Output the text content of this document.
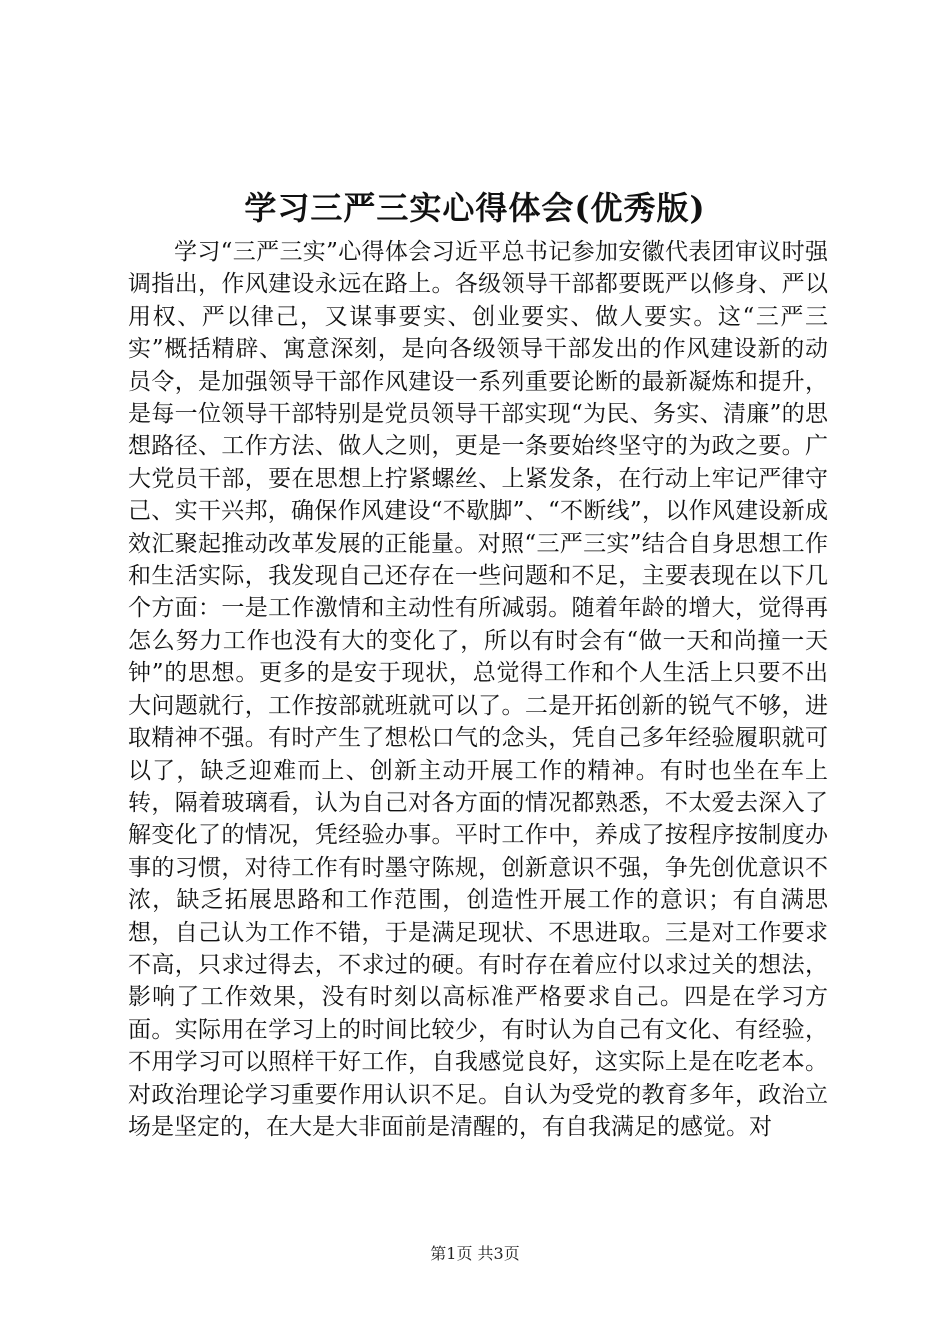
学习三严三实心得体会(优秀版)

学习“三严三实”心得体会习近平总书记参加安徽代表团审议时强调指出，作风建设永远在路上。各级领导干部都要既严以修身、严以用权、严以律己，又谋事要实、创业要实、做人要实。这“三严三实”概括精辟、寓意深刻，是向各级领导干部发出的作风建设新的动员令，是加强领导干部作风建设一系列重要论断的最新凝炼和提升，是每一位领导干部特别是党员领导干部实现“为民、务实、清廉”的思想路径、工作方法、做人之则，更是一条要始终坚守的为政之要。广大党员干部，要在思想上拧紧螺丝、上紧发条，在行动上牢记严律守己、实干兴邦，确保作风建设“不歇脚”、“不断线”，以作风建设新成效汇聚起推动改革发展的正能量。对照“三严三实”结合自身思想工作和生活实际，我发现自己还存在一些问题和不足，主要表现在以下几个方面：一是工作激情和主动性有所减弱。随着年龄的增大，觉得再怎么努力工作也没有大的变化了，所以有时会有“做一天和尚撞一天钟”的思想。更多的是安于现状，总觉得工作和个人生活上只要不出大问题就行，工作按部就班就可以了。二是开拓创新的锐气不够，进取精神不强。有时产生了想松口气的念头，凭自己多年经验履职就可以了，缺乏迎难而上、创新主动开展工作的精神。有时也坐在车上转，隔着玻璃看，认为自己对各方面的情况都熟悉，不太爱去深入了解变化了的情况，凭经验办事。平时工作中，养成了按程序按制度办事的习惯，对待工作有时墨守陈规，创新意识不强，争先创优意识不浓，缺乏拓展思路和工作范围，创造性开展工作的意识；有自满思想，自己认为工作不错，于是满足现状、不思进取。三是对工作要求不高，只求过得去，不求过的硬。有时存在着应付以求过关的想法，影响了工作效果，没有时刻以高标准严格要求自己。四是在学习方面。实际用在学习上的时间比较少，有时认为自己有文化、有经验，不用学习可以照样干好工作，自我感觉良好，这实际上是在吃老本。对政治理论学习重要作用认识不足。自认为受党的教育多年，政治立场是坚定的，在大是大非面前是清醒的，有自我满足的感觉。对

第1页 共3页
